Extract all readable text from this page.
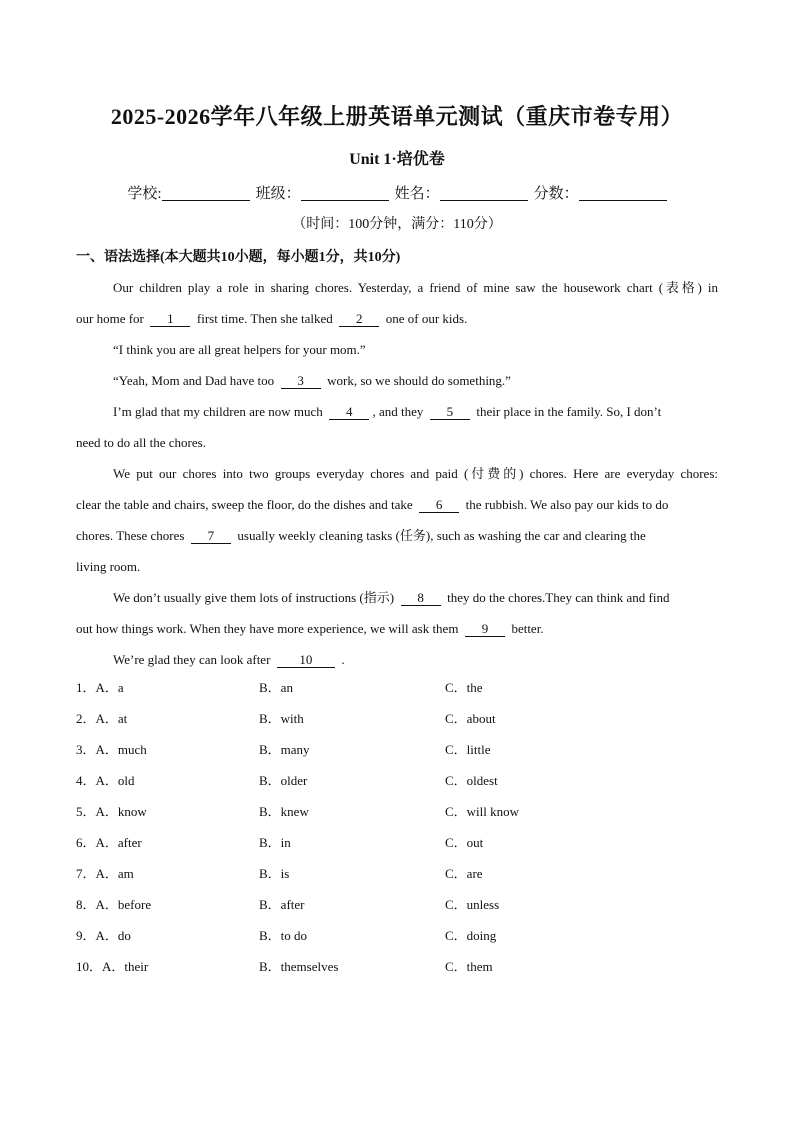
2025-2026学年八年级上册英语单元测试（重庆市卷专用）
Unit 1·培优卷
学校:	班级：	姓名：	分数：
（时间：100分钟，满分：110分）
一、语法选择(本大题共10小题，每小题1分，共10分)
Our children play a role in sharing chores. Yesterday, a friend of mine saw the housework chart (表格) in
our home for 1 first time. Then she talked 2 one of our kids.
“I think you are all great helpers for your mom.”
“Yeah, Mom and Dad have too 3 work, so we should do something.”
I’m glad that my children are now much 4 , and they 5 their place in the family. So, I don’t
need to do all the chores.
We put our chores into two groups everyday chores and paid (付费的) chores. Here are everyday chores:
clear the table and chairs, sweep the floor, do the dishes and take 6 the rubbish. We also pay our kids to do
chores. These chores 7 usually weekly cleaning tasks (任务), such as washing the car and clearing the
living room.
We don’t usually give them lots of instructions (指示) 8 they do the chores.They can think and find
out how things work. When they have more experience, we will ask them 9 better.
We’re glad they can look after 10 .
1．A．a	B．an	C．the
2．A．at	B．with	C．about
3．A．much	B．many	C．little
4．A．old	B．older	C．oldest
5．A．know	B．knew	C．will know
6．A．after	B．in	C．out
7．A．am	B．is	C．are
8．A．before	B．after	C．unless
9．A．do	B．to do	C．doing
10．A．their	B．themselves	C．them
